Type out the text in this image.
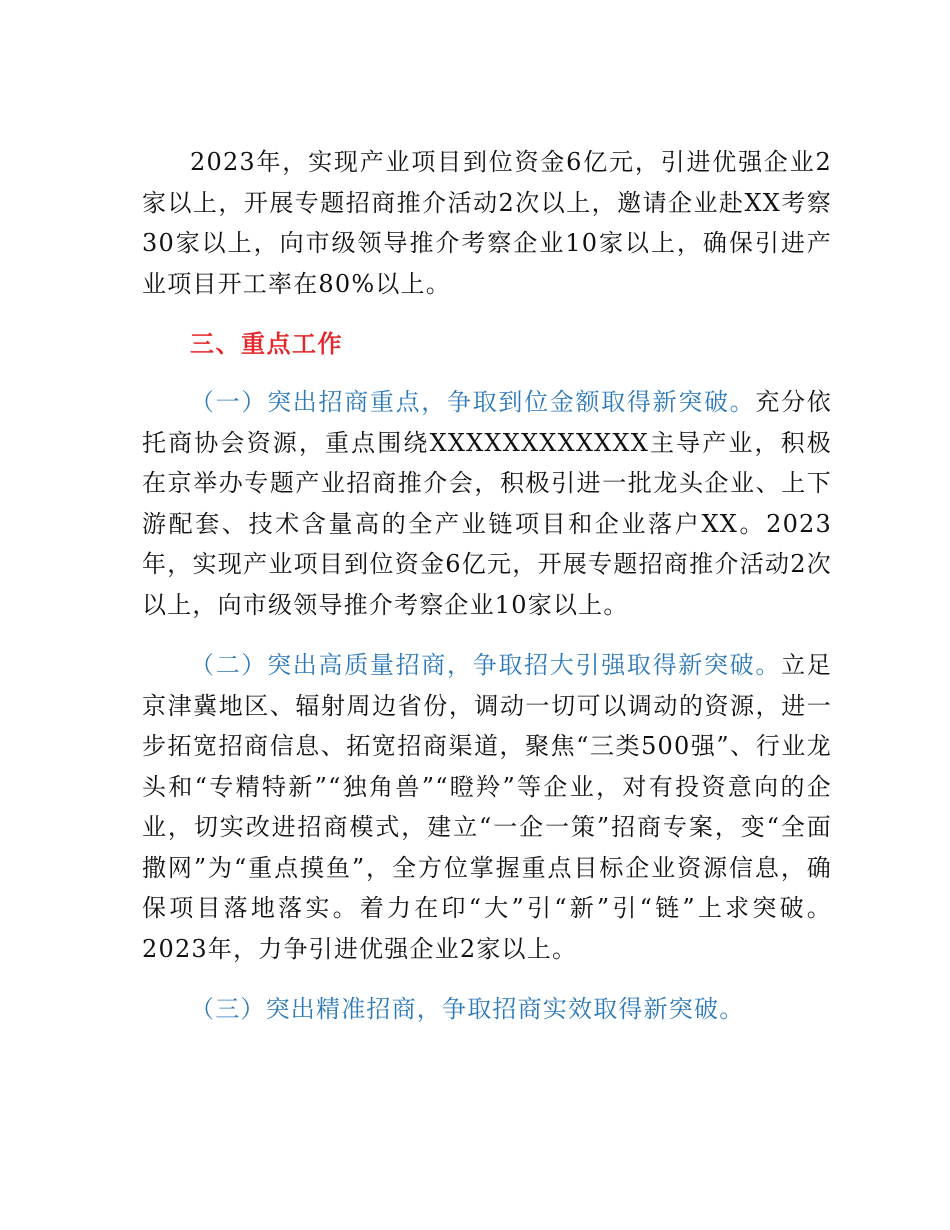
2023年，实现产业项目到位资金6亿元，引进优强企业2家以上，开展专题招商推介活动2次以上，邀请企业赴XX考察30家以上，向市级领导推介考察企业10家以上，确保引进产业项目开工率在80%以上。

三、重点工作

（一）突出招商重点，争取到位金额取得新突破。充分依托商协会资源，重点围绕XXXXXXXXXXXX主导产业，积极在京举办专题产业招商推介会，积极引进一批龙头企业、上下游配套、技术含量高的全产业链项目和企业落户XX。2023年，实现产业项目到位资金6亿元，开展专题招商推介活动2次以上，向市级领导推介考察企业10家以上。

（二）突出高质量招商，争取招大引强取得新突破。立足京津冀地区、辐射周边省份，调动一切可以调动的资源，进一步拓宽招商信息、拓宽招商渠道，聚焦“三类500强”、行业龙头和“专精特新”“独角兽”“瞪羚”等企业，对有投资意向的企业，切实改进招商模式，建立“一企一策”招商专案，变“全面撒网”为“重点摸鱼”，全方位掌握重点目标企业资源信息，确保项目落地落实。着力在印“大”引“新”引“链”上求突破。2023年，力争引进优强企业2家以上。

（三）突出精准招商，争取招商实效取得新突破。
